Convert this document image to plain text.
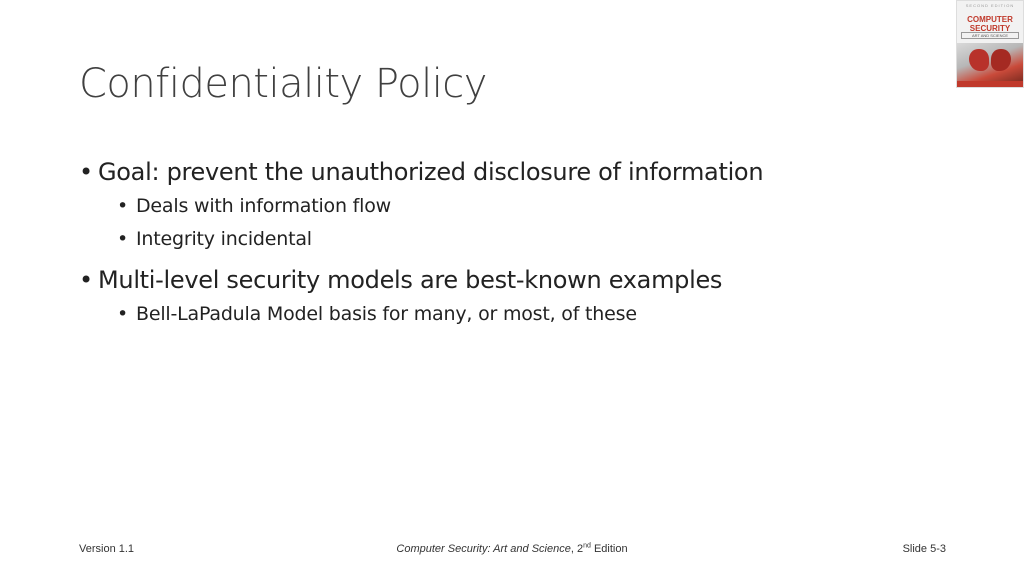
Confidentiality Policy
• Goal: prevent the unauthorized disclosure of information
• Deals with information flow
• Integrity incidental
• Multi-level security models are best-known examples
• Bell-LaPadula Model basis for many, or most, of these
SECOND EDITION
COMPUTER
SECURITY
ART AND SCIENCE
Version 1.1	Computer Security: Art and Science, 2nd Edition	Slide 5-3
